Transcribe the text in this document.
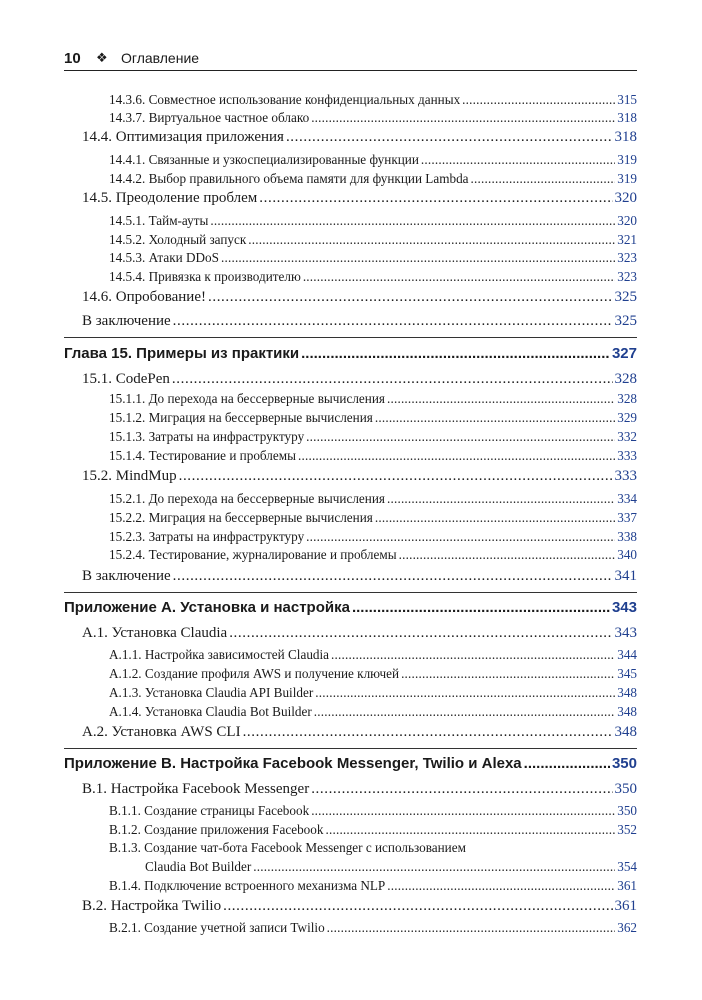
10 ❖ Оглавление
14.3.6. Совместное использование конфиденциальных данных .....	315
14.3.7. Виртуальное частное облако .....	318
14.4. Оптимизация приложения .....	318
14.4.1. Связанные и узкоспециализированные функции .....	319
14.4.2. Выбор правильного объема памяти для функции Lambda .....	319
14.5. Преодоление проблем .....	320
14.5.1. Тайм-ауты .....	320
14.5.2. Холодный запуск .....	321
14.5.3. Атаки DDoS .....	323
14.5.4. Привязка к производителю .....	323
14.6. Опробование! .....	325
В заключение .....	325
Глава 15. Примеры из практики .....	327
15.1. CodePen .....	328
15.1.1. До перехода на бессерверные вычисления .....	328
15.1.2. Миграция на бессерверные вычисления .....	329
15.1.3. Затраты на инфраструктуру .....	332
15.1.4. Тестирование и проблемы .....	333
15.2. MindMup .....	333
15.2.1. До перехода на бессерверные вычисления .....	334
15.2.2. Миграция на бессерверные вычисления .....	337
15.2.3. Затраты на инфраструктуру .....	338
15.2.4. Тестирование, журналирование и проблемы .....	340
В заключение .....	341
Приложение А. Установка и настройка .....	343
А.1. Установка Claudia .....	343
А.1.1. Настройка зависимостей Claudia .....	344
А.1.2. Создание профиля AWS и получение ключей .....	345
А.1.3. Установка Claudia API Builder .....	348
А.1.4. Установка Claudia Bot Builder .....	348
А.2. Установка AWS CLI .....	348
Приложение В. Настройка Facebook Messenger, Twilio и Alexa .....	350
В.1. Настройка Facebook Messenger .....	350
В.1.1. Создание страницы Facebook .....	350
В.1.2. Создание приложения Facebook .....	352
В.1.3. Создание чат-бота Facebook Messenger с использованием
Claudia Bot Builder .....	354
В.1.4. Подключение встроенного механизма NLP .....	361
В.2. Настройка Twilio .....	361
В.2.1. Создание учетной записи Twilio .....	362
